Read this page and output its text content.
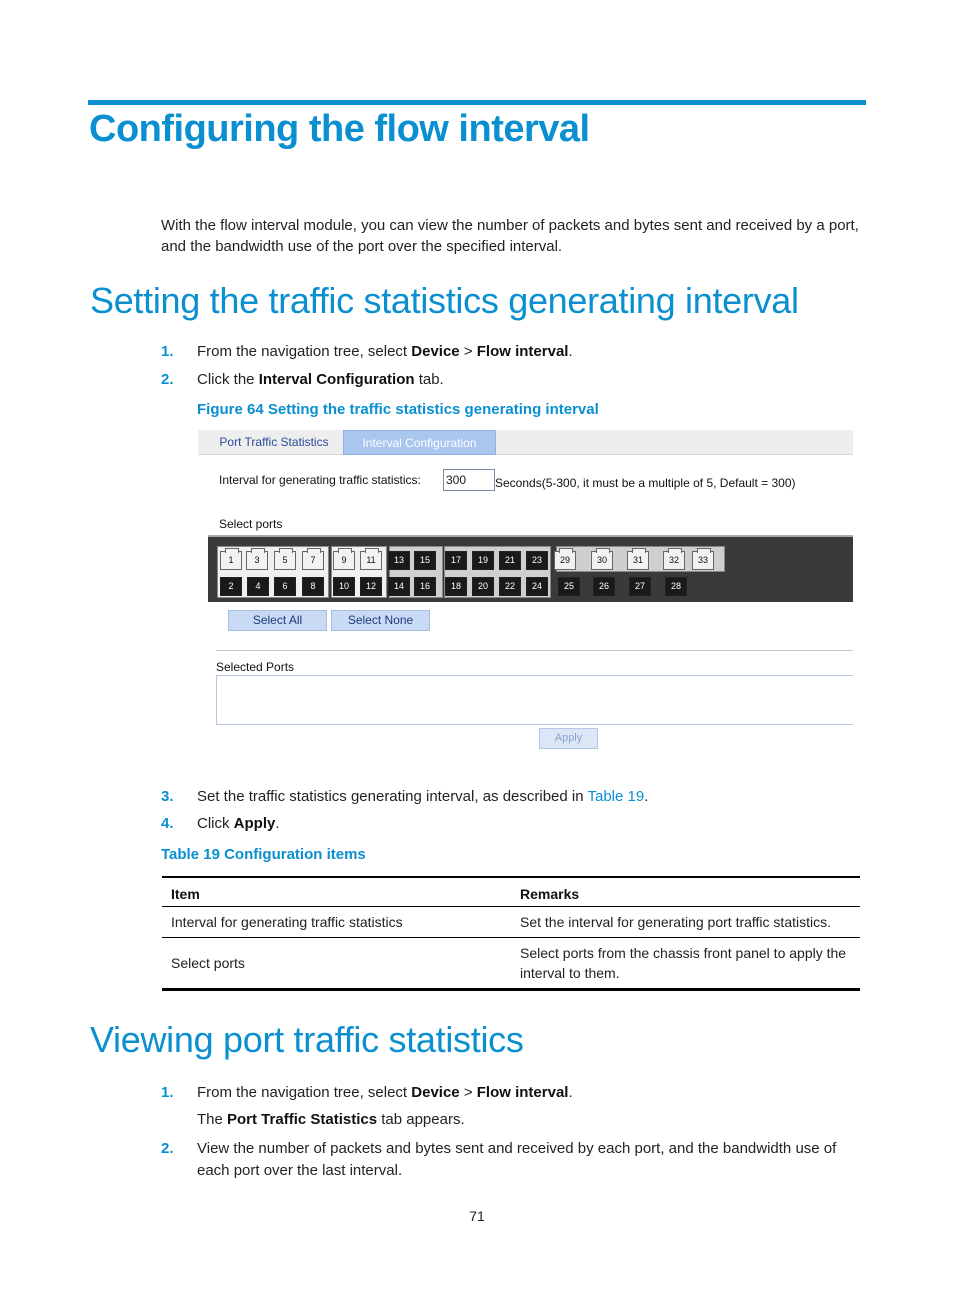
Configuring the flow interval
With the flow interval module, you can view the number of packets and bytes sent and received by a port, and the bandwidth use of the port over the specified interval.
Setting the traffic statistics generating interval
1. From the navigation tree, select Device > Flow interval.
2. Click the Interval Configuration tab.
Figure 64 Setting the traffic statistics generating interval
Port Traffic Statistics	Interval Configuration
Interval for generating traffic statistics: 300	Seconds(5-300, it must be a multiple of 5, Default = 300)
Select ports
1	3	5	7	9	11	13	15	17	19	21	23	29	30	31	32	33
2	4	6	8	10	12	14	16	18	20	22	24	25	26	27	28
Select All	Select None
Selected Ports
Apply
3. Set the traffic statistics generating interval, as described in Table 19.
4. Click Apply.
Table 19 Configuration items
Item	Remarks
Interval for generating traffic statistics	Set the interval for generating port traffic statistics.
Select ports	Select ports from the chassis front panel to apply the interval to them.
Viewing port traffic statistics
1. From the navigation tree, select Device > Flow interval.
The Port Traffic Statistics tab appears.
2.	View the number of packets and bytes sent and received by each port, and the bandwidth use of each port over the last interval.
71
